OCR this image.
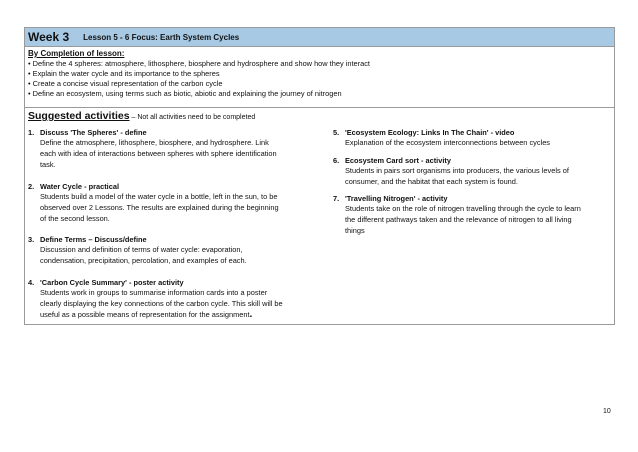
Week 3 Lesson 5 - 6 Focus: Earth System Cycles
By Completion of lesson:
• Define the 4 spheres: atmosphere, lithosphere, biosphere and hydrosphere and show how they interact
• Explain the water cycle and its importance to the spheres
• Create a concise visual representation of the carbon cycle
• Define an ecosystem, using terms such as biotic, abiotic and explaining the journey of nitrogen
Suggested activities – Not all activities need to be completed
1. Discuss 'The Spheres' - define
Define the atmosphere, lithosphere, biosphere, and hydrosphere. Link
each with idea of interactions between spheres with sphere identification
task.
2. Water Cycle - practical
Students build a model of the water cycle in a bottle, left in the sun, to be
observed over 2 Lessons. The results are explained during the beginning
of the second lesson.
3. Define Terms – Discuss/define
Discussion and definition of terms of water cycle: evaporation,
condensation, precipitation, percolation, and examples of each.
4. 'Carbon Cycle Summary' - poster activity
Students work in groups to summarise information cards into a poster
clearly displaying the key connections of the carbon cycle. This skill will be
useful as a possible means of representation for the assignment.
5. 'Ecosystem Ecology: Links In The Chain' - video
Explanation of the ecosystem interconnections between cycles
6. Ecosystem Card sort - activity
Students in pairs sort organisms into producers, the various levels of
consumer, and the habitat that each system is found.
7. 'Travelling Nitrogen' - activity
Students take on the role of nitrogen travelling through the cycle to learn
the different pathways taken and the relevance of nitrogen to all living
things
10
